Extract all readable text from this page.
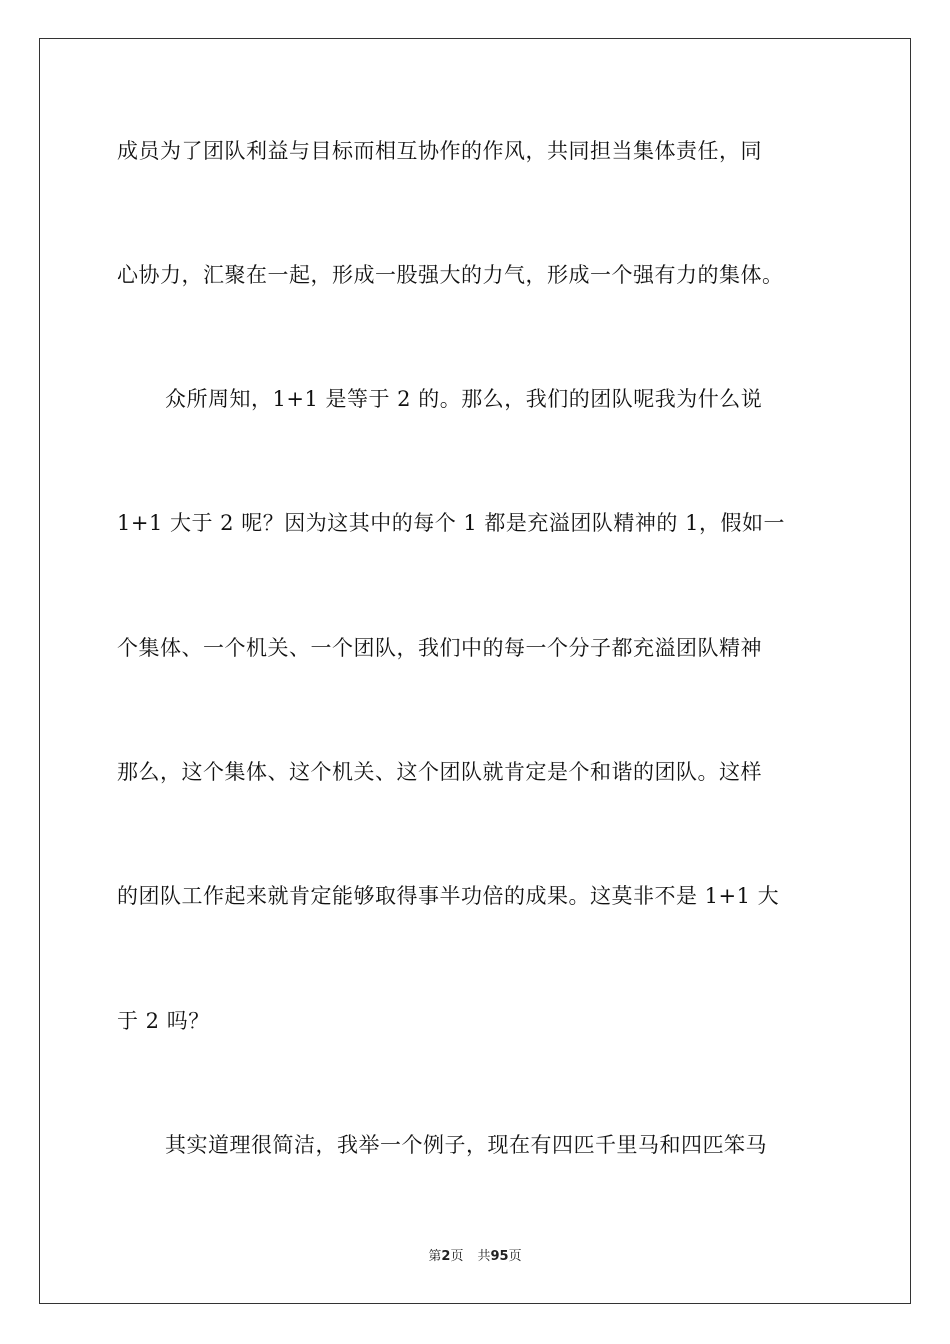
成员为了团队利益与目标而相互协作的作风，共同担当集体责任，同
心协力，汇聚在一起，形成一股强大的力气，形成一个强有力的集体。
众所周知，1+1 是等于 2 的。那么，我们的团队呢我为什么说
1+1 大于 2 呢？因为这其中的每个 1 都是充溢团队精神的 1，假如一
个集体、一个机关、一个团队，我们中的每一个分子都充溢团队精神
那么，这个集体、这个机关、这个团队就肯定是个和谐的团队。这样
的团队工作起来就肯定能够取得事半功倍的成果。这莫非不是 1+1 大
于 2 吗？
其实道理很简洁，我举一个例子，现在有四匹千里马和四匹笨马
第2页 共95页
